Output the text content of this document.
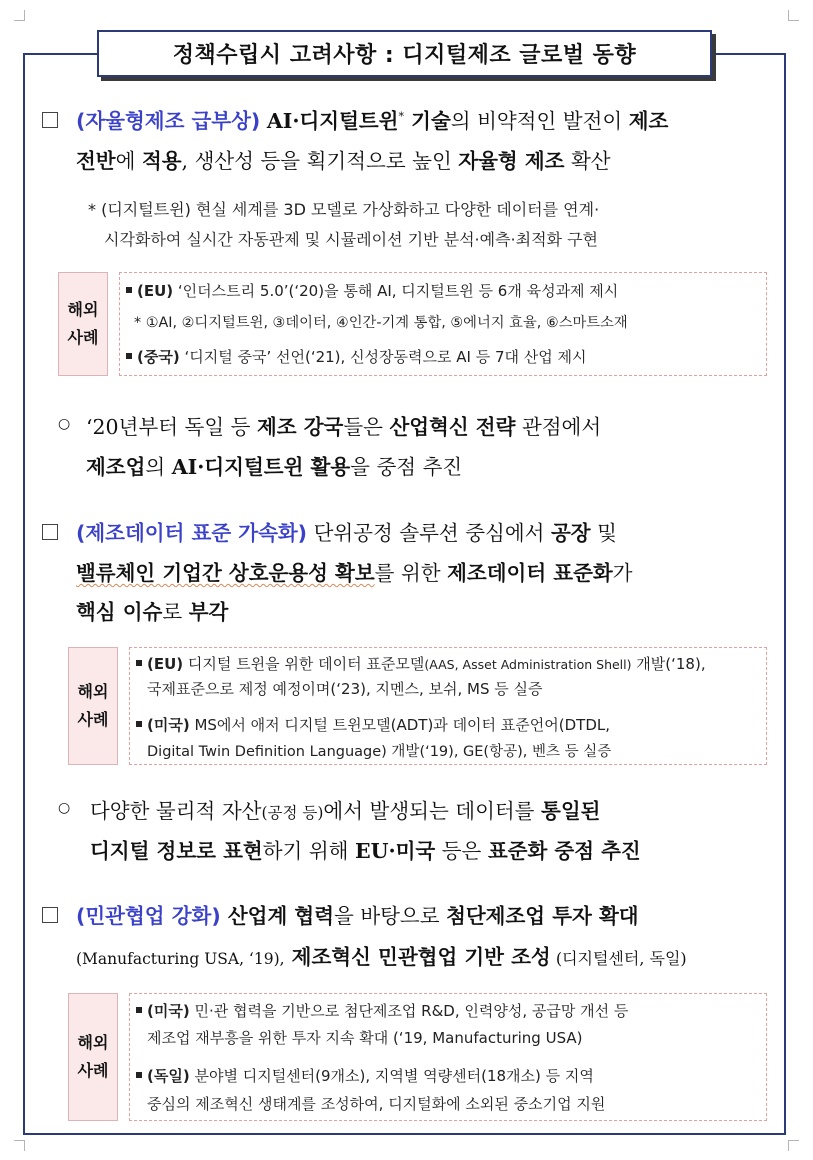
정책수립시 고려사항 : 디지털제조 글로벌 동향
(자율형제조 급부상) AI·디지털트윈* 기술의 비약적인 발전이 제조
전반에 적용, 생산성 등을 획기적으로 높인 자율형 제조 확산
* (디지털트윈) 현실 세계를 3D 모델로 가상화하고 다양한 데이터를 연계·
시각화하여 실시간 자동관제 및 시뮬레이션 기반 분석·예측·최적화 구현
해외
사례
(EU) ‘인더스트리 5.0’(‘20)을 통해 AI, 디지털트윈 등 6개 육성과제 제시
* ①AI, ②디지털트윈, ③데이터, ④인간-기계 통합, ⑤에너지 효율, ⑥스마트소재
(중국) ‘디지털 중국’ 선언(‘21), 신성장동력으로 AI 등 7대 산업 제시
○ ‘20년부터 독일 등 제조 강국들은 산업혁신 전략 관점에서
제조업의 AI·디지털트윈 활용을 중점 추진
(제조데이터 표준 가속화) 단위공정 솔루션 중심에서 공장 및
밸류체인 기업간 상호운용성 확보를 위한 제조데이터 표준화가
핵심 이슈로 부각
해외
사례
(EU) 디지털 트윈을 위한 데이터 표준모델(AAS, Asset Administration Shell) 개발(‘18),
국제표준으로 제정 예정이며(‘23), 지멘스, 보쉬, MS 등 실증
(미국) MS에서 애저 디지털 트윈모델(ADT)과 데이터 표준언어(DTDL,
Digital Twin Definition Language) 개발(‘19), GE(항공), 벤츠 등 실증
○ 다양한 물리적 자산(공정 등)에서 발생되는 데이터를 통일된
디지털 정보로 표현하기 위해 EU·미국 등은 표준화 중점 추진
(민관협업 강화) 산업계 협력을 바탕으로 첨단제조업 투자 확대
(Manufacturing USA, ‘19), 제조혁신 민관협업 기반 조성 (디지털센터, 독일)
해외
사례
(미국) 민·관 협력을 기반으로 첨단제조업 R&D, 인력양성, 공급망 개선 등
제조업 재부흥을 위한 투자 지속 확대 (‘19, Manufacturing USA)
(독일) 분야별 디지털센터(9개소), 지역별 역량센터(18개소) 등 지역
중심의 제조혁신 생태계를 조성하여, 디지털화에 소외된 중소기업 지원
